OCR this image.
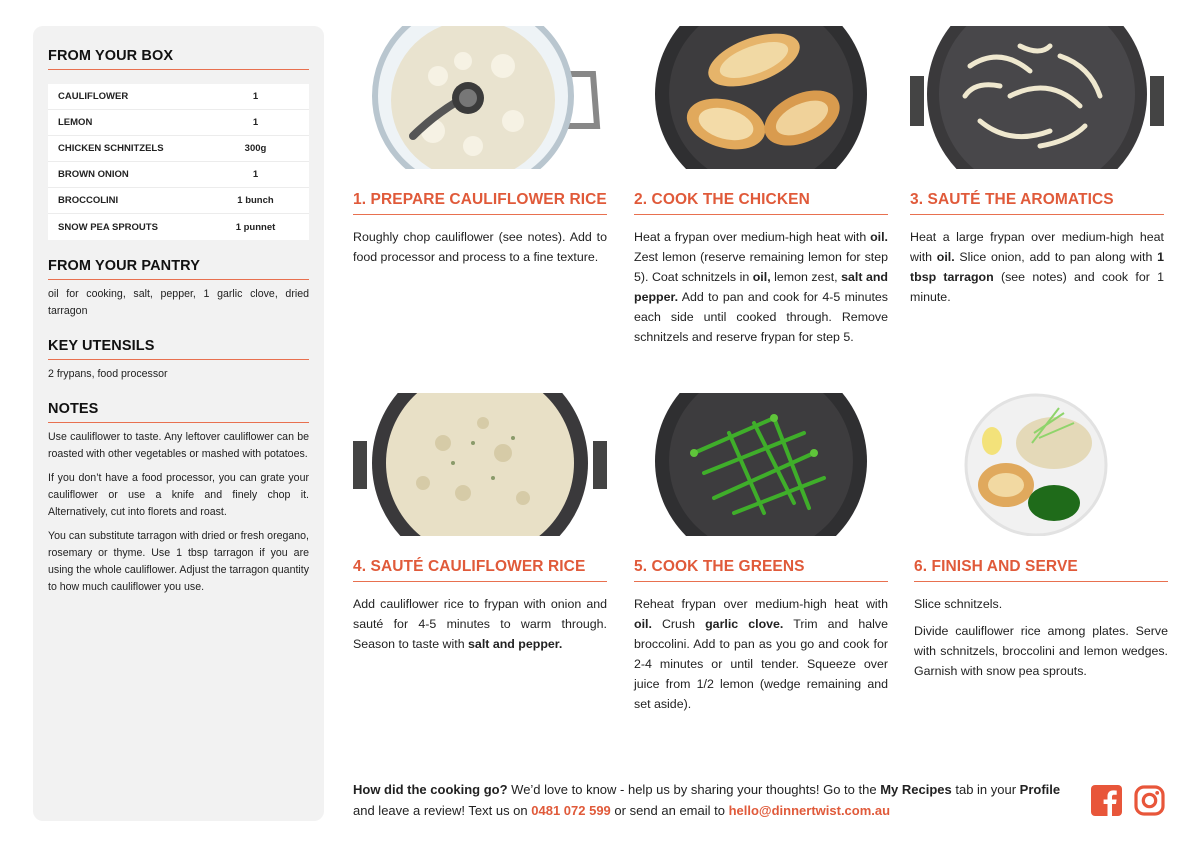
FROM YOUR BOX
CAULIFLOWER	1
LEMON	1
CHICKEN SCHNITZELS	300g
BROWN ONION	1
BROCCOLINI	1 bunch
SNOW PEA SPROUTS	1 punnet
FROM YOUR PANTRY
oil for cooking, salt, pepper, 1 garlic clove, dried tarragon
KEY UTENSILS
2 frypans, food processor
NOTES

Use cauliflower to taste. Any leftover cauliflower can be roasted with other vegetables or mashed with potatoes.

If you don’t have a food processor, you can grate your cauliflower or use a knife and finely chop it. Alternatively, cut into florets and roast.

You can substitute tarragon with dried or fresh oregano, rosemary or thyme. Use 1 tbsp tarragon if you are using the whole cauliflower. Adjust the tarragon quantity to how much cauliflower you use.

1. PREPARE CAULIFLOWER RICE
Roughly chop cauliflower (see notes). Add to food processor and process to a fine texture.
2. COOK THE CHICKEN
Heat a frypan over medium-high heat with oil. Zest lemon (reserve remaining lemon for step 5). Coat schnitzels in oil, lemon zest, salt and pepper. Add to pan and cook for 4-5 minutes each side until cooked through. Remove schnitzels and reserve frypan for step 5.
3. SAUTÉ THE AROMATICS
Heat a large frypan over medium-high heat with oil. Slice onion, add to pan along with 1 tbsp tarragon (see notes) and cook for 1 minute.
4. SAUTÉ CAULIFLOWER RICE
Add cauliflower rice to frypan with onion and sauté for 4-5 minutes to warm through. Season to taste with salt and pepper.
5. COOK THE GREENS
Reheat frypan over medium-high heat with oil. Crush garlic clove. Trim and halve broccolini. Add to pan as you go and cook for 2-4 minutes or until tender. Squeeze over juice from 1/2 lemon (wedge remaining and set aside).
6. FINISH AND SERVE

Slice schnitzels.

Divide cauliflower rice among plates. Serve with schnitzels, broccolini and lemon wedges. Garnish with snow pea sprouts.

How did the cooking go? We’d love to know - help us by sharing your thoughts! Go to the My Recipes tab in your Profile and leave a review! Text us on 0481 072 599 or send an email to hello@dinnertwist.com.au
